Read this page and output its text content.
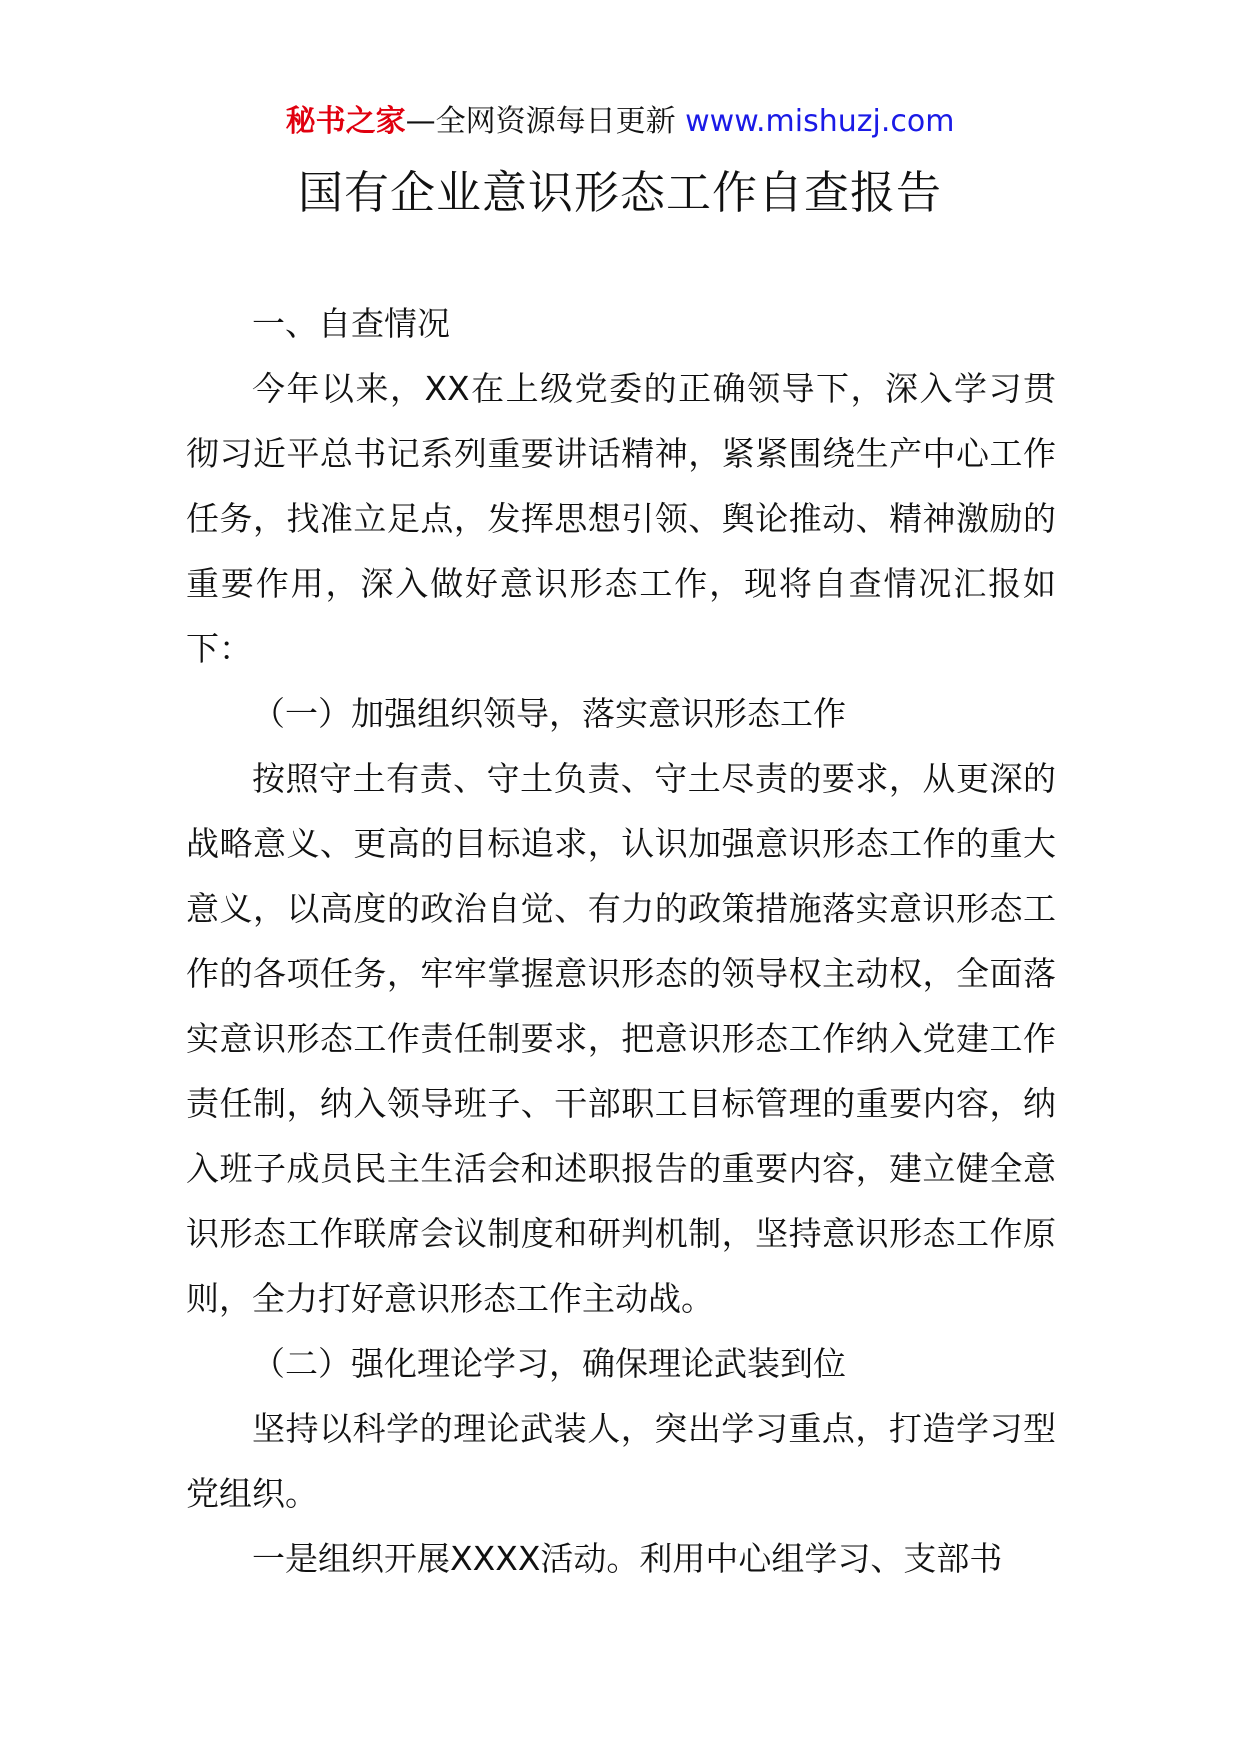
秘书之家—全网资源每日更新 www.mishuzj.com
国有企业意识形态工作自查报告

一、自查情况

今年以来，XX在上级党委的正确领导下，深入学习贯彻习近平总书记系列重要讲话精神，紧紧围绕生产中心工作任务，找准立足点，发挥思想引领、舆论推动、精神激励的重要作用，深入做好意识形态工作，现将自查情况汇报如下：

（一）加强组织领导，落实意识形态工作

按照守土有责、守土负责、守土尽责的要求，从更深的战略意义、更高的目标追求，认识加强意识形态工作的重大意义，以高度的政治自觉、有力的政策措施落实意识形态工作的各项任务，牢牢掌握意识形态的领导权主动权，全面落实意识形态工作责任制要求，把意识形态工作纳入党建工作责任制，纳入领导班子、干部职工目标管理的重要内容，纳入班子成员民主生活会和述职报告的重要内容，建立健全意识形态工作联席会议制度和研判机制，坚持意识形态工作原则，全力打好意识形态工作主动战。

（二）强化理论学习，确保理论武装到位

坚持以科学的理论武装人，突出学习重点，打造学习型党组织。

一是组织开展XXXX活动。利用中心组学习、支部书
